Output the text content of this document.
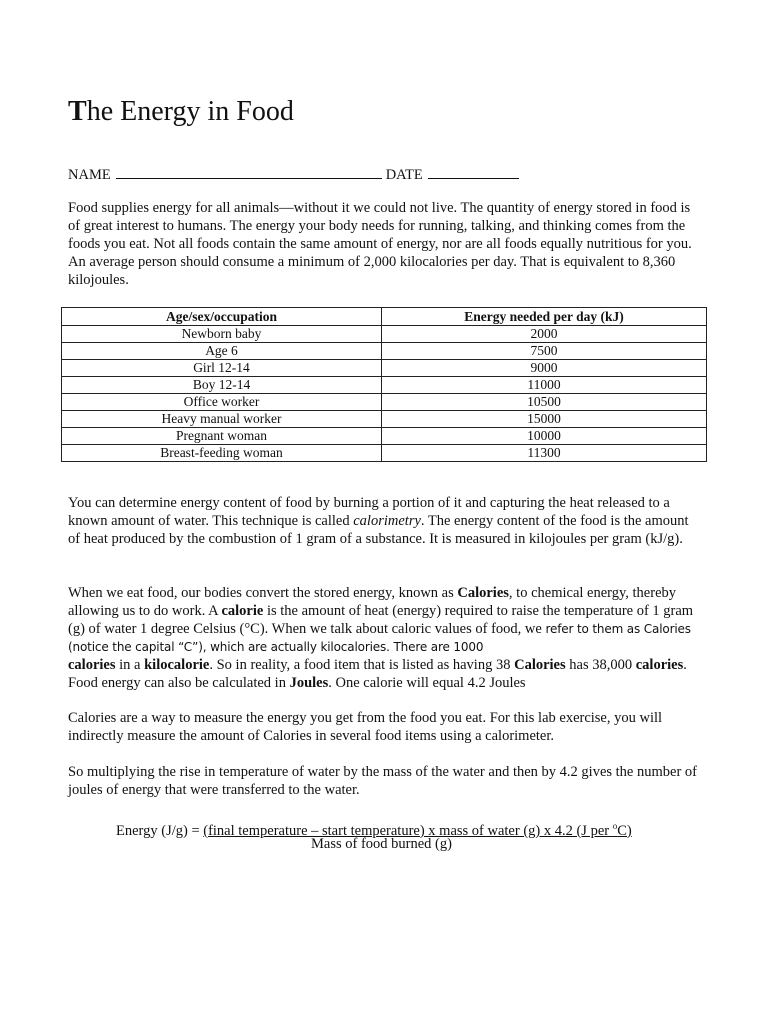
The Energy in Food
NAME	DATE

Food supplies energy for all animals—without it we could not live. The quantity of energy stored in food is of great interest to humans. The energy your body needs for running, talking, and thinking comes from the foods you eat. Not all foods contain the same amount of energy, nor are all foods equally nutritious for you. An average person should consume a minimum of 2,000 kilocalories per day. That is equivalent to 8,360 kilojoules.

Age/sex/occupation	Energy needed per day (kJ)
Newborn baby	2000
Age 6	7500
Girl 12-14	9000
Boy 12-14	11000
Office worker	10500
Heavy manual worker	15000
Pregnant woman	10000
Breast-feeding woman	11300

You can determine energy content of food by burning a portion of it and capturing the heat released to a known amount of water. This technique is called calorimetry. The energy content of the food is the amount of heat produced by the combustion of 1 gram of a substance. It is measured in kilojoules per gram (kJ/g).

When we eat food, our bodies convert the stored energy, known as Calories, to chemical energy, thereby allowing us to do work. A calorie is the amount of heat (energy) required to raise the temperature of 1 gram (g) of water 1 degree Celsius (°C). When we talk about caloric values of food, we refer to them as Calories (notice the capital “C”), which are actually kilocalories. There are 1000
calories in a kilocalorie. So in reality, a food item that is listed as having 38 Calories has 38,000 calories. Food energy can also be calculated in Joules. One calorie will equal 4.2 Joules

Calories are a way to measure the energy you get from the food you eat. For this lab exercise, you will indirectly measure the amount of Calories in several food items using a calorimeter.

So multiplying the rise in temperature of water by the mass of the water and then by 4.2 gives the number of joules of energy that were transferred to the water.

Energy (J/g) = (final temperature – start temperature) x mass of water (g) x 4.2 (J per $^o$C)
Mass of food burned (g)
